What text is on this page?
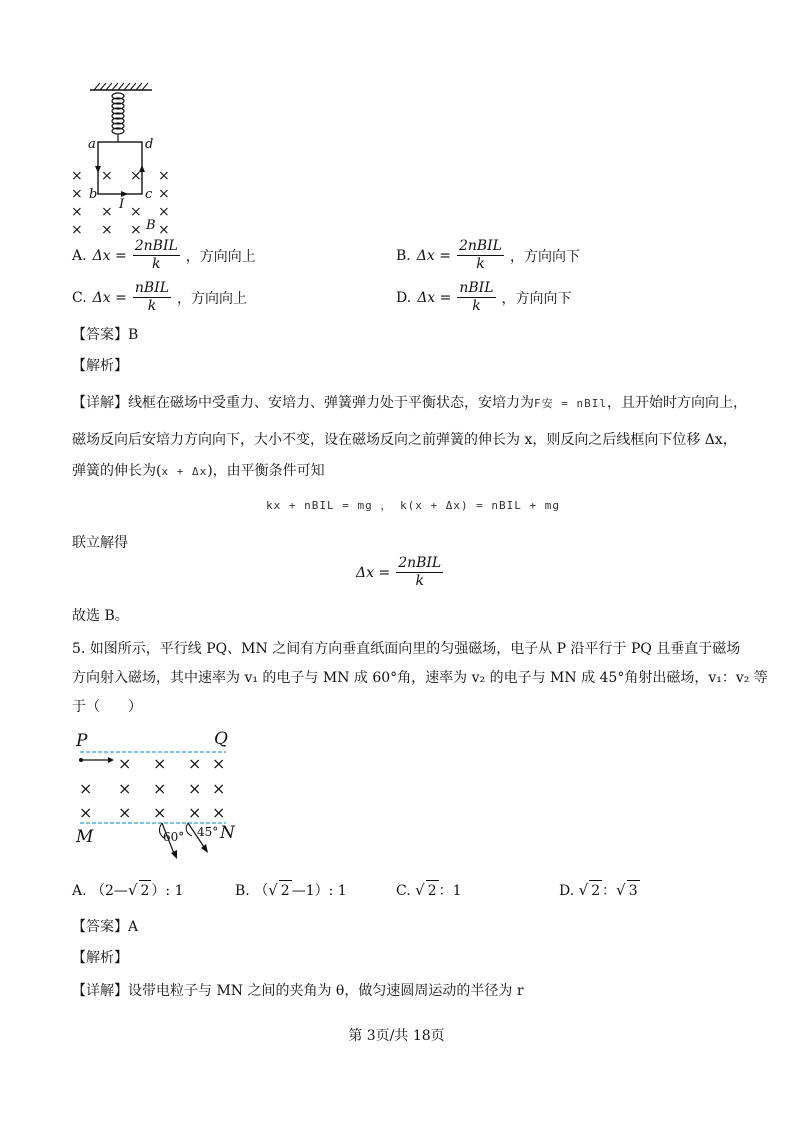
a	d
b	c
I
B
× × × ×
×	×
× × × ×
× × × ×
A. $\Delta x = \frac{\text{2nBIL}}{k}$ ，方向向上	B. $\Delta x = \frac{\text{2nBIL}}{k}$ ，方向向下
C. $\Delta x = \frac{\text{nBIL}}{k}$ ，方向向上	D. $\Delta x = \frac{\text{nBIL}}{k}$ ，方向向下
【答案】B
【解析】
【详解】线框在磁场中受重力、安培力、弹簧弹力处于平衡状态，安培力为F安 = nBIl，且开始时方向向上，
磁场反向后安培力方向向下，大小不变，设在磁场反向之前弹簧的伸长为 x，则反向之后线框向下位移 Δx，
弹簧的伸长为(x + Δx)，由平衡条件可知
kx + nBIL = mg ， k(x + Δx) = nBIL + mg
联立解得
$\Delta x = \frac{\text{2nBIL}}{k}$
故选 B。
5. 如图所示，平行线 PQ、MN 之间有方向垂直纸面向里的匀强磁场，电子从 P 沿平行于 PQ 且垂直于磁场
方向射入磁场，其中速率为 v₁ 的电子与 MN 成 60°角，速率为 v₂ 的电子与 MN 成 45°角射出磁场，v₁：v₂ 等
于（　　）
P	Q
M	N
60° 45°
× × × ×
× × × × ×
× × × × ×
A. （2—√ 2 ）: 1	B. （√ 2 —1）: 1	C. √ 2 ：1	D. √ 2 ：√ 3
【答案】A
【解析】
【详解】设带电粒子与 MN 之间的夹角为 θ，做匀速圆周运动的半径为 r
第 3页/共 18页
